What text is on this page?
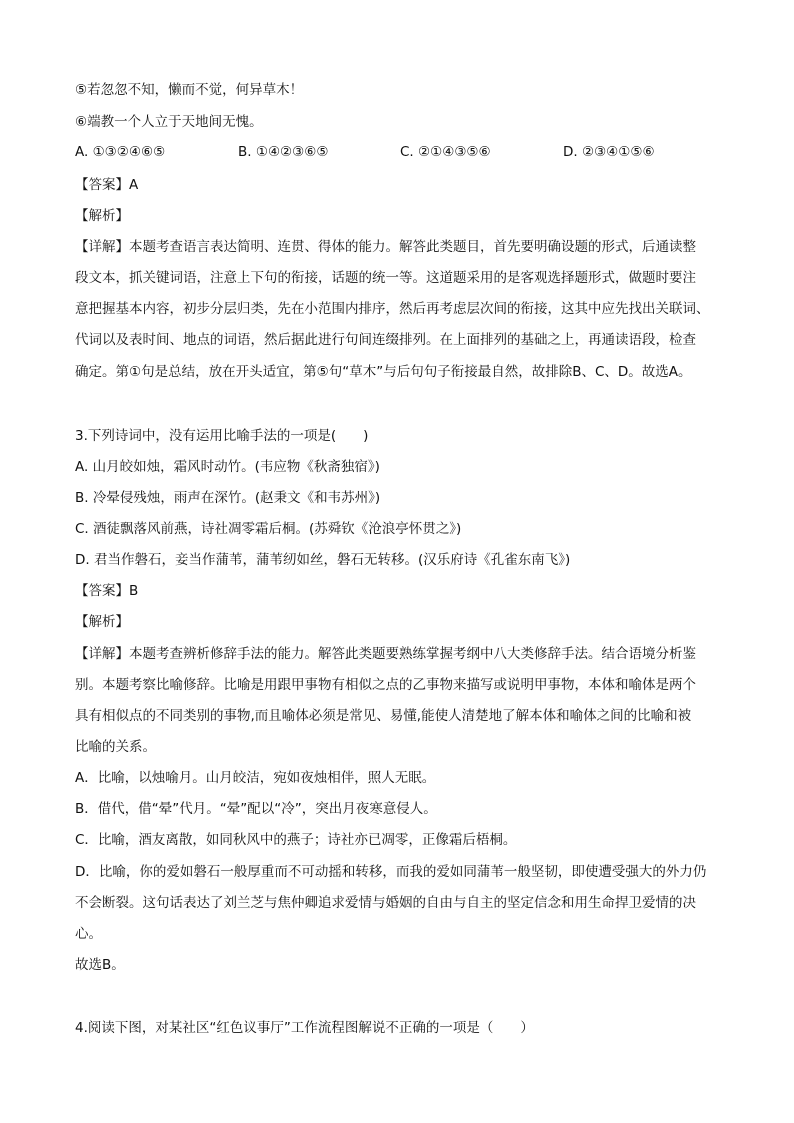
⑤若忽忽不知，懒而不觉，何异草木！
⑥端教一个人立于天地间无愧。
A. ①③②④⑥⑤	B. ①④②③⑥⑤	C. ②①④③⑤⑥	D. ②③④①⑤⑥
【答案】A
【解析】
【详解】本题考查语言表达简明、连贯、得体的能力。解答此类题目，首先要明确设题的形式，后通读整
段文本，抓关键词语，注意上下句的衔接，话题的统一等。这道题采用的是客观选择题形式，做题时要注
意把握基本内容，初步分层归类，先在小范围内排序，然后再考虑层次间的衔接，这其中应先找出关联词、
代词以及表时间、地点的词语，然后据此进行句间连缀排列。在上面排列的基础之上，再通读语段，检查
确定。第①句是总结，放在开头适宜，第⑤句“草木”与后句句子衔接最自然，故排除B、C、D。故选A。
3.下列诗词中，没有运用比喻手法的一项是(　　)
A. 山月皎如烛，霜风时动竹。(韦应物《秋斋独宿》)
B. 冷晕侵残烛，雨声在深竹。(赵秉文《和韦苏州》)
C. 酒徒飘落风前燕，诗社凋零霜后桐。(苏舜钦《沧浪亭怀贯之》)
D. 君当作磐石，妾当作蒲苇，蒲苇纫如丝，磐石无转移。(汉乐府诗《孔雀东南飞》)
【答案】B
【解析】
【详解】本题考查辨析修辞手法的能力。解答此类题要熟练掌握考纲中八大类修辞手法。结合语境分析鉴
别。本题考察比喻修辞。比喻是用跟甲事物有相似之点的乙事物来描写或说明甲事物，本体和喻体是两个
具有相似点的不同类别的事物,而且喻体必须是常见、易懂,能使人清楚地了解本体和喻体之间的比喻和被
比喻的关系。
A．比喻，以烛喻月。山月皎洁，宛如夜烛相伴，照人无眠。
B．借代，借“晕”代月。“晕”配以“冷”，突出月夜寒意侵人。
C．比喻，酒友离散，如同秋风中的燕子；诗社亦已凋零，正像霜后梧桐。
D．比喻，你的爱如磐石一般厚重而不可动摇和转移，而我的爱如同蒲苇一般坚韧，即使遭受强大的外力仍
不会断裂。这句话表达了刘兰芝与焦仲卿追求爱情与婚姻的自由与自主的坚定信念和用生命捍卫爱情的决
心。
故选B。
4.阅读下图，对某社区“红色议事厅”工作流程图解说不正确的一项是（　　）
